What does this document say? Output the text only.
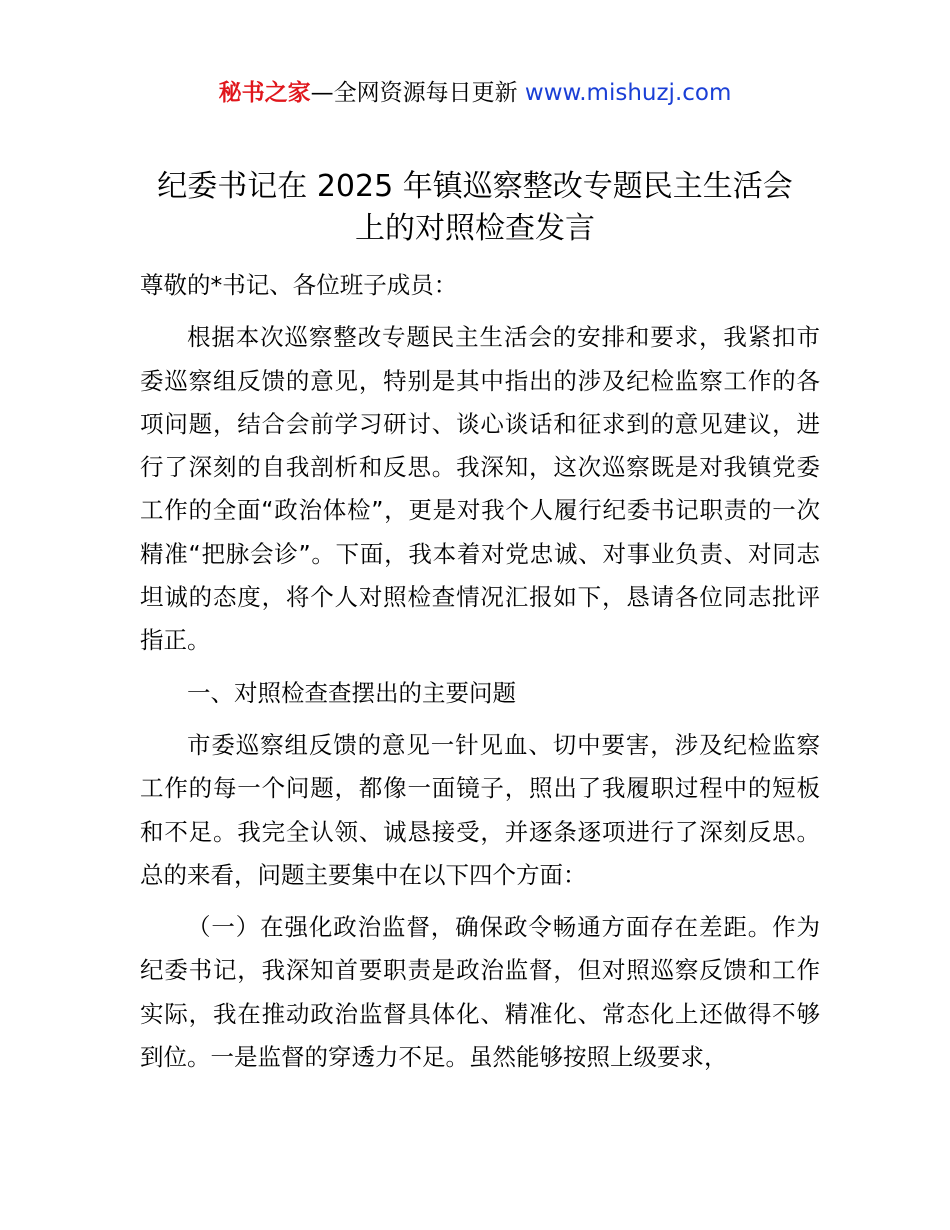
秘书之家—全网资源每日更新 www.mishuzj.com
纪委书记在 2025 年镇巡察整改专题民主生活会
上的对照检查发言

尊敬的*书记、各位班子成员：

根据本次巡察整改专题民主生活会的安排和要求，我紧扣市委巡察组反馈的意见，特别是其中指出的涉及纪检监察工作的各项问题，结合会前学习研讨、谈心谈话和征求到的意见建议，进行了深刻的自我剖析和反思。我深知，这次巡察既是对我镇党委工作的全面“政治体检”，更是对我个人履行纪委书记职责的一次精准“把脉会诊”。下面，我本着对党忠诚、对事业负责、对同志坦诚的态度，将个人对照检查情况汇报如下，恳请各位同志批评指正。

一、对照检查查摆出的主要问题

市委巡察组反馈的意见一针见血、切中要害，涉及纪检监察工作的每一个问题，都像一面镜子，照出了我履职过程中的短板和不足。我完全认领、诚恳接受，并逐条逐项进行了深刻反思。总的来看，问题主要集中在以下四个方面：

（一）在强化政治监督，确保政令畅通方面存在差距。作为纪委书记，我深知首要职责是政治监督，但对照巡察反馈和工作实际，我在推动政治监督具体化、精准化、常态化上还做得不够到位。一是监督的穿透力不足。虽然能够按照上级要求，
